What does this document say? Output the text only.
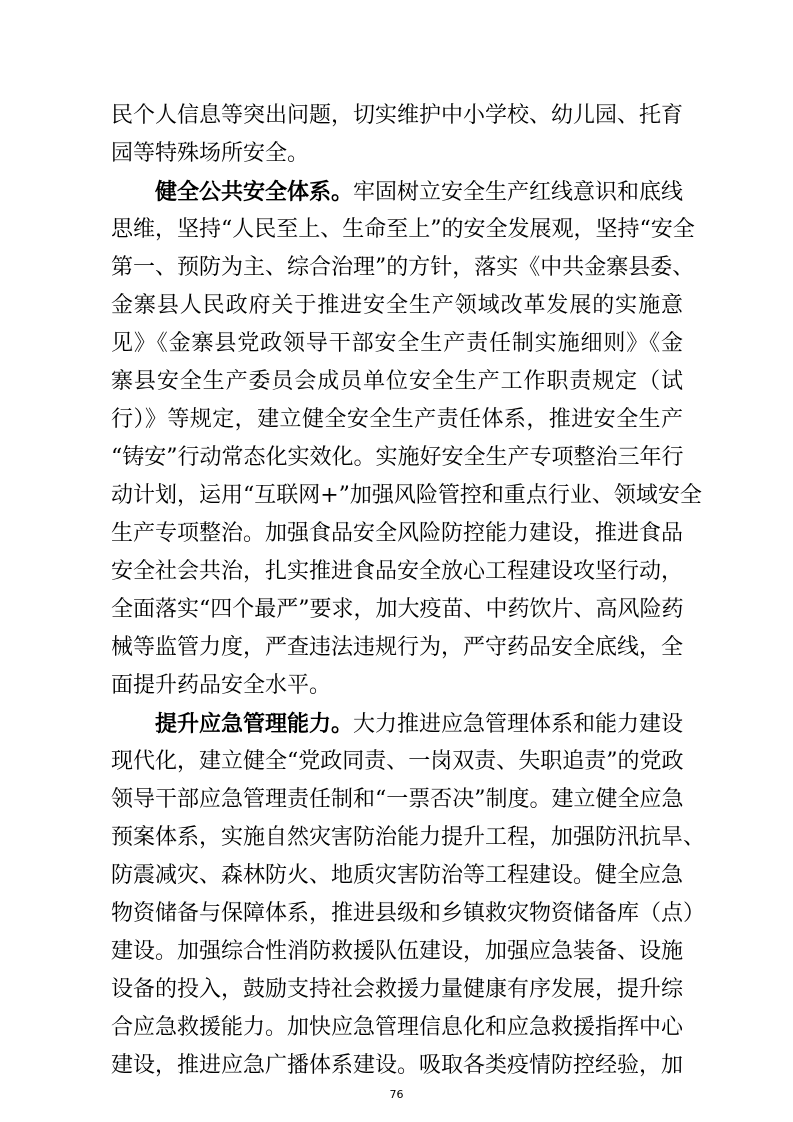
民个人信息等突出问题，切实维护中小学校、幼儿园、托育
园等特殊场所安全。
健全公共安全体系。牢固树立安全生产红线意识和底线
思维，坚持“人民至上、生命至上”的安全发展观，坚持“安全
第一、预防为主、综合治理”的方针，落实《中共金寨县委、
金寨县人民政府关于推进安全生产领域改革发展的实施意
见》《金寨县党政领导干部安全生产责任制实施细则》《金
寨县安全生产委员会成员单位安全生产工作职责规定（试
行）》等规定，建立健全安全生产责任体系，推进安全生产
“铸安”行动常态化实效化。实施好安全生产专项整治三年行
动计划，运用“互联网+”加强风险管控和重点行业、领域安全
生产专项整治。加强食品安全风险防控能力建设，推进食品
安全社会共治，扎实推进食品安全放心工程建设攻坚行动，
全面落实“四个最严”要求，加大疫苗、中药饮片、高风险药
械等监管力度，严查违法违规行为，严守药品安全底线，全
面提升药品安全水平。
提升应急管理能力。大力推进应急管理体系和能力建设
现代化，建立健全“党政同责、一岗双责、失职追责”的党政
领导干部应急管理责任制和“一票否决”制度。建立健全应急
预案体系，实施自然灾害防治能力提升工程，加强防汛抗旱、
防震减灾、森林防火、地质灾害防治等工程建设。健全应急
物资储备与保障体系，推进县级和乡镇救灾物资储备库（点）
建设。加强综合性消防救援队伍建设，加强应急装备、设施
设备的投入，鼓励支持社会救援力量健康有序发展，提升综
合应急救援能力。加快应急管理信息化和应急救援指挥中心
建设，推进应急广播体系建设。吸取各类疫情防控经验，加
76
